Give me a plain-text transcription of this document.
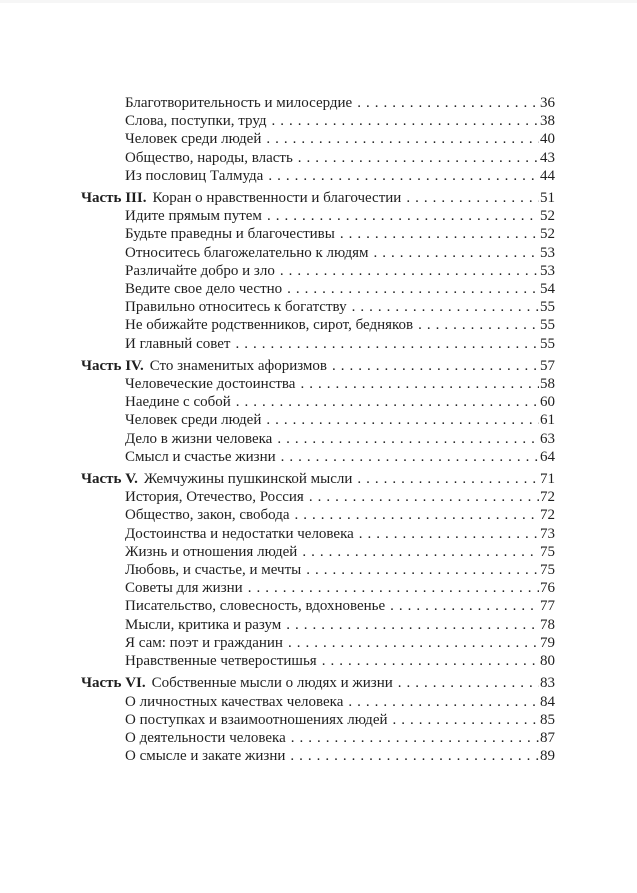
Благотворительность и милосердие .....	36
Слова, поступки, труд .....	38
Человек среди людей .....	40
Общество, народы, власть .....	43
Из пословиц Талмуда .....	44
Часть III. Коран о нравственности и благочестии .....	51
Идите прямым путем .....	52
Будьте праведны и благочестивы .....	52
Относитесь благожелательно к людям .....	53
Различайте добро и зло .....	53
Ведите свое дело честно .....	54
Правильно относитесь к богатству .....	55
Не обижайте родственников, сирот, бедняков .....	55
И главный совет .....	55
Часть IV. Сто знаменитых афоризмов .....	57
Человеческие достоинства .....	58
Наедине с собой .....	60
Человек среди людей .....	61
Дело в жизни человека .....	63
Смысл и счастье жизни .....	64
Часть V. Жемчужины пушкинской мысли .....	71
История, Отечество, Россия .....	72
Общество, закон, свобода .....	72
Достоинства и недостатки человека .....	73
Жизнь и отношения людей .....	75
Любовь, и счастье, и мечты .....	75
Советы для жизни .....	76
Писательство, словесность, вдохновенье .....	77
Мысли, критика и разум .....	78
Я сам: поэт и гражданин .....	79
Нравственные четверостишья .....	80
Часть VI. Собственные мысли о людях и жизни .....	83
О личностных качествах человека .....	84
О поступках и взаимоотношениях людей .....	85
О деятельности человека .....	87
О смысле и закате жизни .....	89
